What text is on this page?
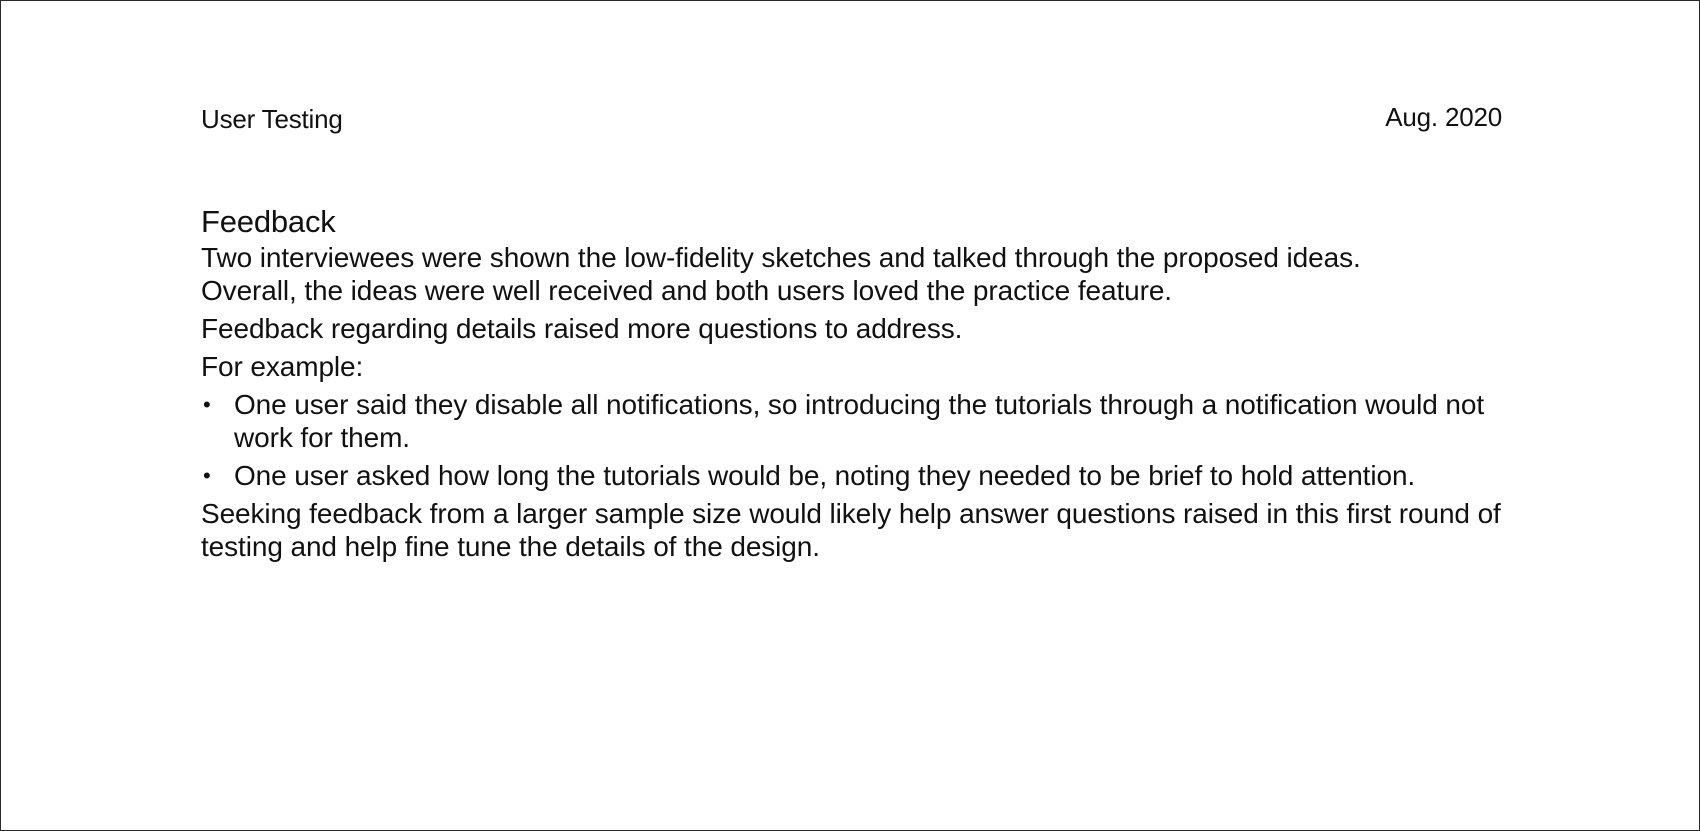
User Testing	Aug. 2020
Feedback

Two interviewees were shown the low-fidelity sketches and talked through the proposed ideas.

Overall, the ideas were well received and both users loved the practice feature.

Feedback regarding details raised more questions to address.

For example:

• One user said they disable all notifications, so introducing the tutorials through a notification would not work for them.
• One user asked how long the tutorials would be, noting they needed to be brief to hold attention.

Seeking feedback from a larger sample size would likely help answer questions raised in this first round of testing and help fine tune the details of the design.
